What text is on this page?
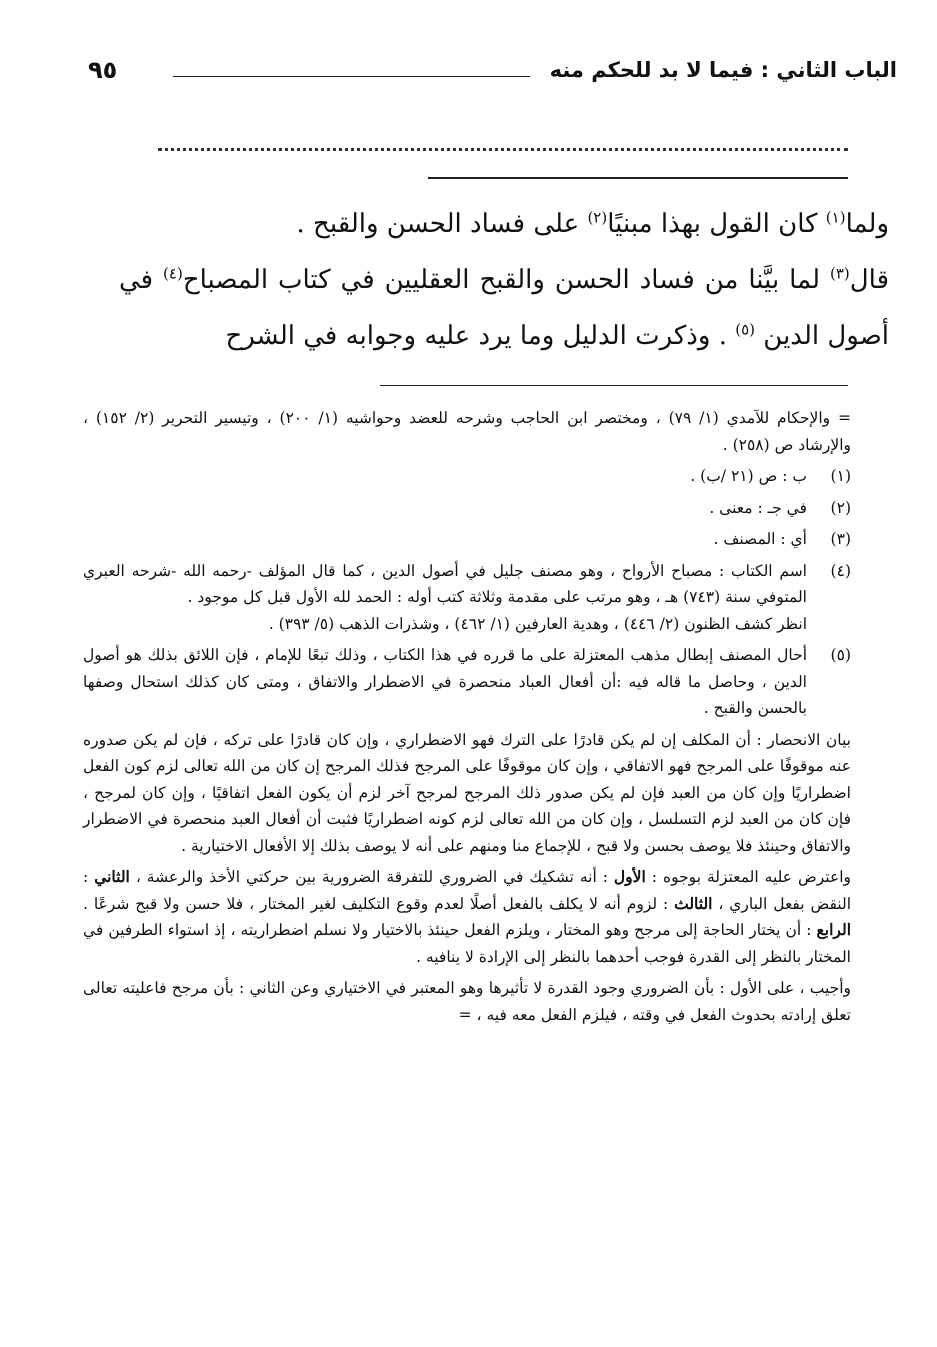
الباب الثاني : فيما لا بد للحكم منه
٩٥

ولما$^{(١)}$ كان القول بهذا مبنيًا$^{(٢)}$ على فساد الحسن والقبح .

قال$^{(٣)}$ لما بيَّنا من فساد الحسن والقبح العقليين في كتاب المصباح$^{(٤)}$ في أصول الدين $^{(٥)}$ . وذكرت الدليل وما يرد عليه وجوابه في الشرح

= والإحكام للآمدي (١/ ٧٩) ، ومختصر ابن الحاجب وشرحه للعضد وحواشيه (١/ ٢٠٠) ، وتيسير التحرير (٢/ ١٥٢) ، والإرشاد ص (٢٥٨) .

(١)
ب : ص (٢١ /ب) .

(٢)
في جـ : معنى .

(٣)
أي : المصنف .

(٤)
اسم الكتاب : مصباح الأرواح ، وهو مصنف جليل في أصول الدين ، كما قال المؤلف -رحمه الله -شرحه العبري المتوفي سنة (٧٤٣) هـ ، وهو مرتب على مقدمة وثلاثة كتب أوله : الحمد لله الأول قبل كل موجود .

انظر كشف الظنون (٢/ ٤٤٦) ، وهدية العارفين (١/ ٤٦٢) ، وشذرات الذهب (٥/ ٣٩٣) .

(٥)
أحال المصنف إبطال مذهب المعتزلة على ما قرره في هذا الكتاب ، وذلك تبعًا للإمام ، فإن اللائق بذلك هو أصول الدين ، وحاصل ما قاله فيه :أن أفعال العباد منحصرة في الاضطرار والاتفاق ، ومتى كان كذلك استحال وصفها بالحسن والقبح .

بيان الانحصار : أن المكلف إن لم يكن قادرًا على الترك فهو الاضطراري ، وإن كان قادرًا على تركه ، فإن لم يكن صدوره عنه موقوفًا على المرجح فهو الاتفاقي ، وإن كان موقوفًا على المرجح فذلك المرجح إن كان من الله تعالى لزم كون الفعل اضطراريًا وإن كان من العبد فإن لم يكن صدور ذلك المرجح لمرجح آخر لزم أن يكون الفعل اتفاقيًا ، وإن كان لمرجح ، فإن كان من العبد لزم التسلسل ، وإن كان من الله تعالى لزم كونه اضطراريًا فثبت أن أفعال العبد منحصرة في الاضطرار والاتفاق وحينئذ فلا يوصف بحسن ولا قبح ، للإجماع منا ومنهم على أنه لا يوصف بذلك إلا الأفعال الاختيارية .

واعترض عليه المعتزلة بوجوه : الأول : أنه تشكيك في الضروري للتفرقة الضرورية بين حركتي الأخذ والرعشة ، الثاني : النقض بفعل الباري ، الثالث : لزوم أنه لا يكلف بالفعل أصلًا لعدم وقوع التكليف لغير المختار ، فلا حسن ولا قبح شرعًا . الرابع : أن يختار الحاجة إلى مرجح وهو المختار ، ويلزم الفعل حينئذ بالاختيار ولا نسلم اضطراريته ، إذ استواء الطرفين في المختار بالنظر إلى القدرة فوجب أحدهما بالنظر إلى الإرادة لا ينافيه .

وأجيب ، على الأول : بأن الضروري وجود القدرة لا تأثيرها وهو المعتبر في الاختياري وعن الثاني : بأن مرجح فاعليته تعالى تعلق إرادته بحدوث الفعل في وقته ، فيلزم الفعل معه فيه ، =
